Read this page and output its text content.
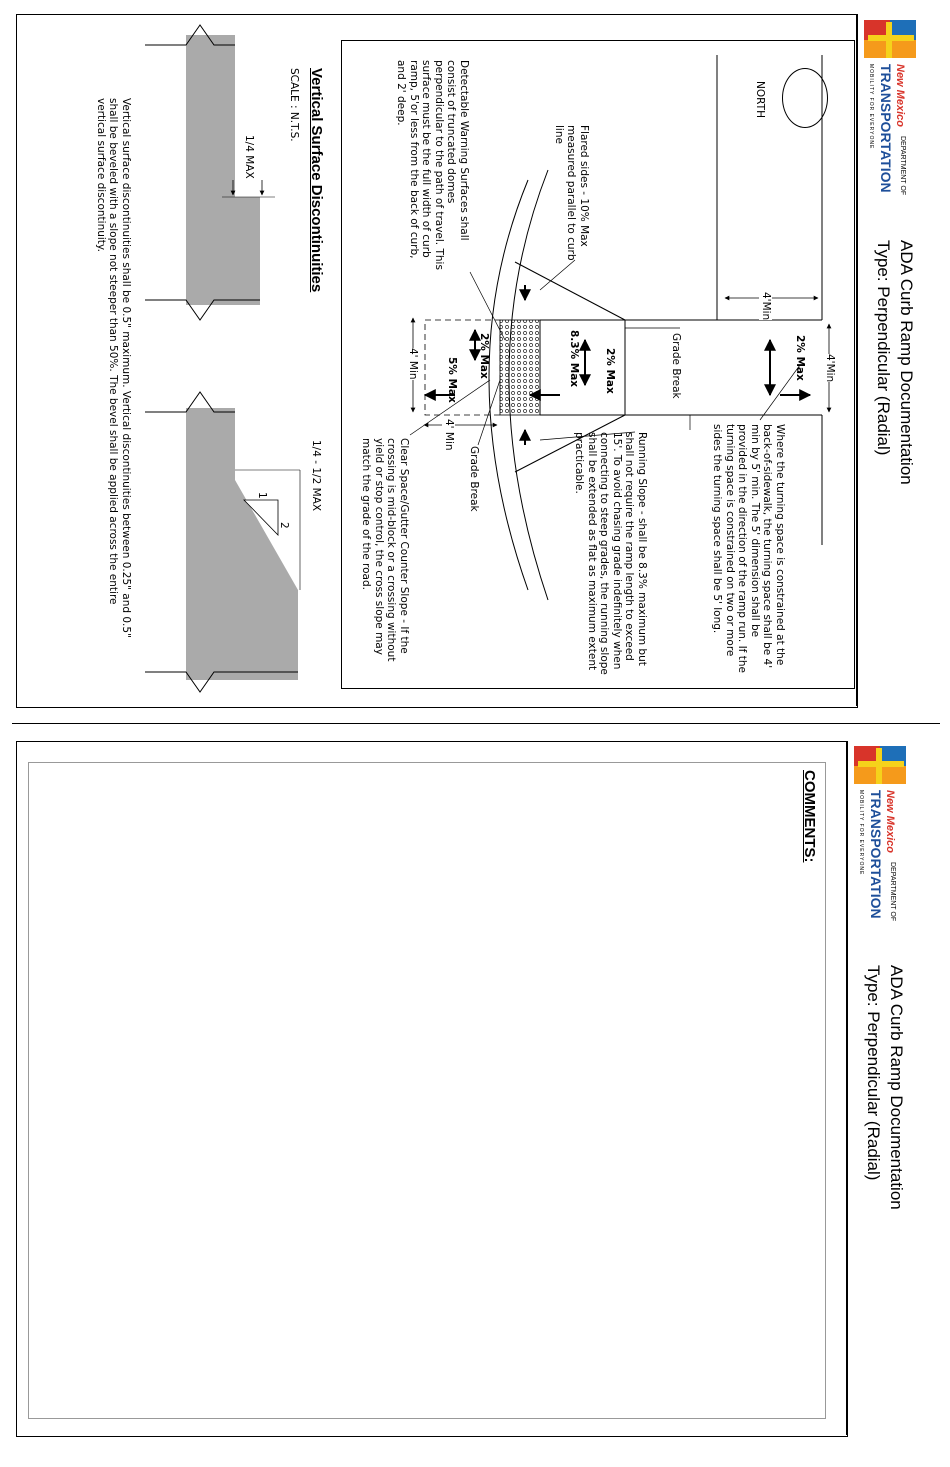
ADA Curb Ramp Documentation
Type: Perpendicular (Radial)
New Mexico
DEPARTMENT OF
TRANSPORTATION
MOBILITY FOR EVERYONE
NORTH
4'Min
4'Min
4' Min
4' Min
2% Max
2% Max
8.3% Max
2% Max
5% Max	Grade Break
Grade Break	Where the turning space is constrained at the back-of-sidewalk, the turning space shall be 4' min by 5' min. The 5' dimension shall be provided in the direction of the ramp run. If the turning space is constrained on two or more sides the turning space shall be 5' long.
Running Slope - shall be 8.3% maximum but shall not require the ramp length to exceed 15'. To avoid chasing grade indefinitely when connecting to steep grades, the running slope shall be extended as flat as maximum extent practicable.
Clear Space/Gutter Counter Slope - If the crossing is mid-block or a crossing without yield or stop control, the cross slope may match the grade of the road.
Flared sides - 10% Max measured parallel to curb line
Detectable Warning Surfaces shall consist of truncated domes perpendicular to the path of travel. This surface must be the full width of curb ramp, 5'or less from the back of curb, and 2' deep.
Vertical Surface Discontinuities
SCALE : N.T.S.
1/4 MAX
1/4 - 1/2 MAX
1
2
Vertical surface discontinuities shall be 0.5" maximum. Vertical discontinuities between 0.25" and 0.5" shall be beveled with a slope not steeper than 50%. The bevel shall be applied across the entire vertical surface discontinuity.
COMMENTS:
ADA Curb Ramp Documentation
Type: Perpendicular (Radial)
New Mexico
DEPARTMENT OF
TRANSPORTATION
MOBILITY FOR EVERYONE
